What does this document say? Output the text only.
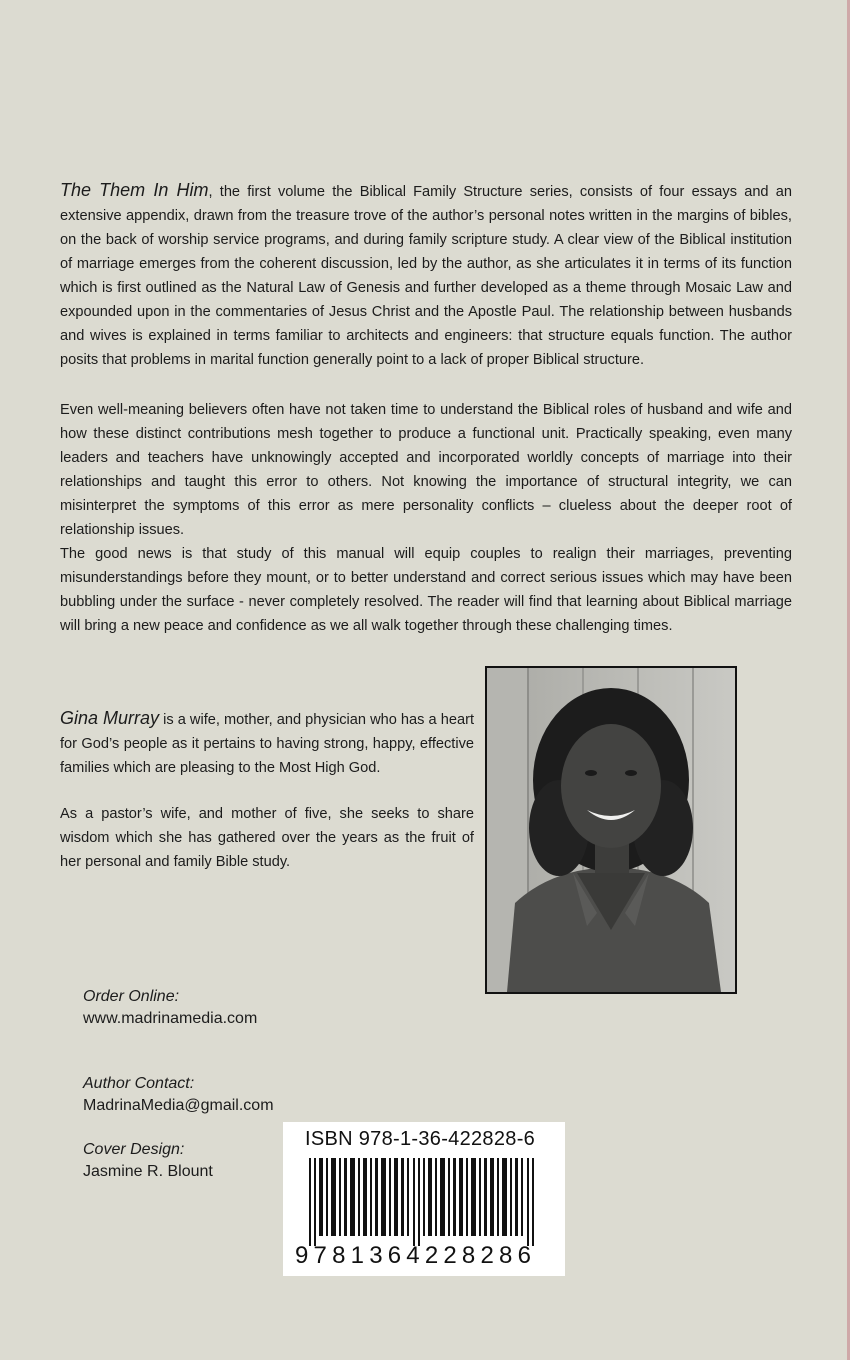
The Them In Him, the first volume the Biblical Family Structure series, consists of four essays and an extensive appendix, drawn from the treasure trove of the author’s personal notes written in the margins of bibles, on the back of worship service programs, and during family scripture study. A clear view of the Biblical institution of marriage emerges from the coherent discussion, led by the author, as she articulates it in terms of its function which is first outlined as the Natural Law of Genesis and further developed as a theme through Mosaic Law and expounded upon in the commentaries of Jesus Christ and the Apostle Paul. The relationship between husbands and wives is explained in terms familiar to architects and engineers: that structure equals function. The author posits that problems in marital function generally point to a lack of proper Biblical structure.

Even well-meaning believers often have not taken time to understand the Biblical roles of husband and wife and how these distinct contributions mesh together to produce a functional unit. Practically speaking, even many leaders and teachers have unknowingly accepted and incorporated worldly concepts of marriage into their relationships and taught this error to others. Not knowing the importance of structural integrity, we can misinterpret the symptoms of this error as mere personality conflicts – clueless about the deeper root of relationship issues.

The good news is that study of this manual will equip couples to realign their marriages, preventing misunderstandings before they mount, or to better understand and correct serious issues which may have been bubbling under the surface - never completely resolved. The reader will find that learning about Biblical marriage will bring a new peace and confidence as we all walk together through these challenging times.

Gina Murray is a wife, mother, and physician who has a heart for God’s people as it pertains to having strong, happy, effective families which are pleasing to the Most High God.

As a pastor’s wife, and mother of five, she seeks to share wisdom which she has gathered over the years as the fruit of her personal and family Bible study.

Order Online:

www.madrinamedia.com

Author Contact:

MadrinaMedia@gmail.com

Cover Design:

Jasmine R. Blount

ISBN 978-1-36-422828-6

9781364228286
